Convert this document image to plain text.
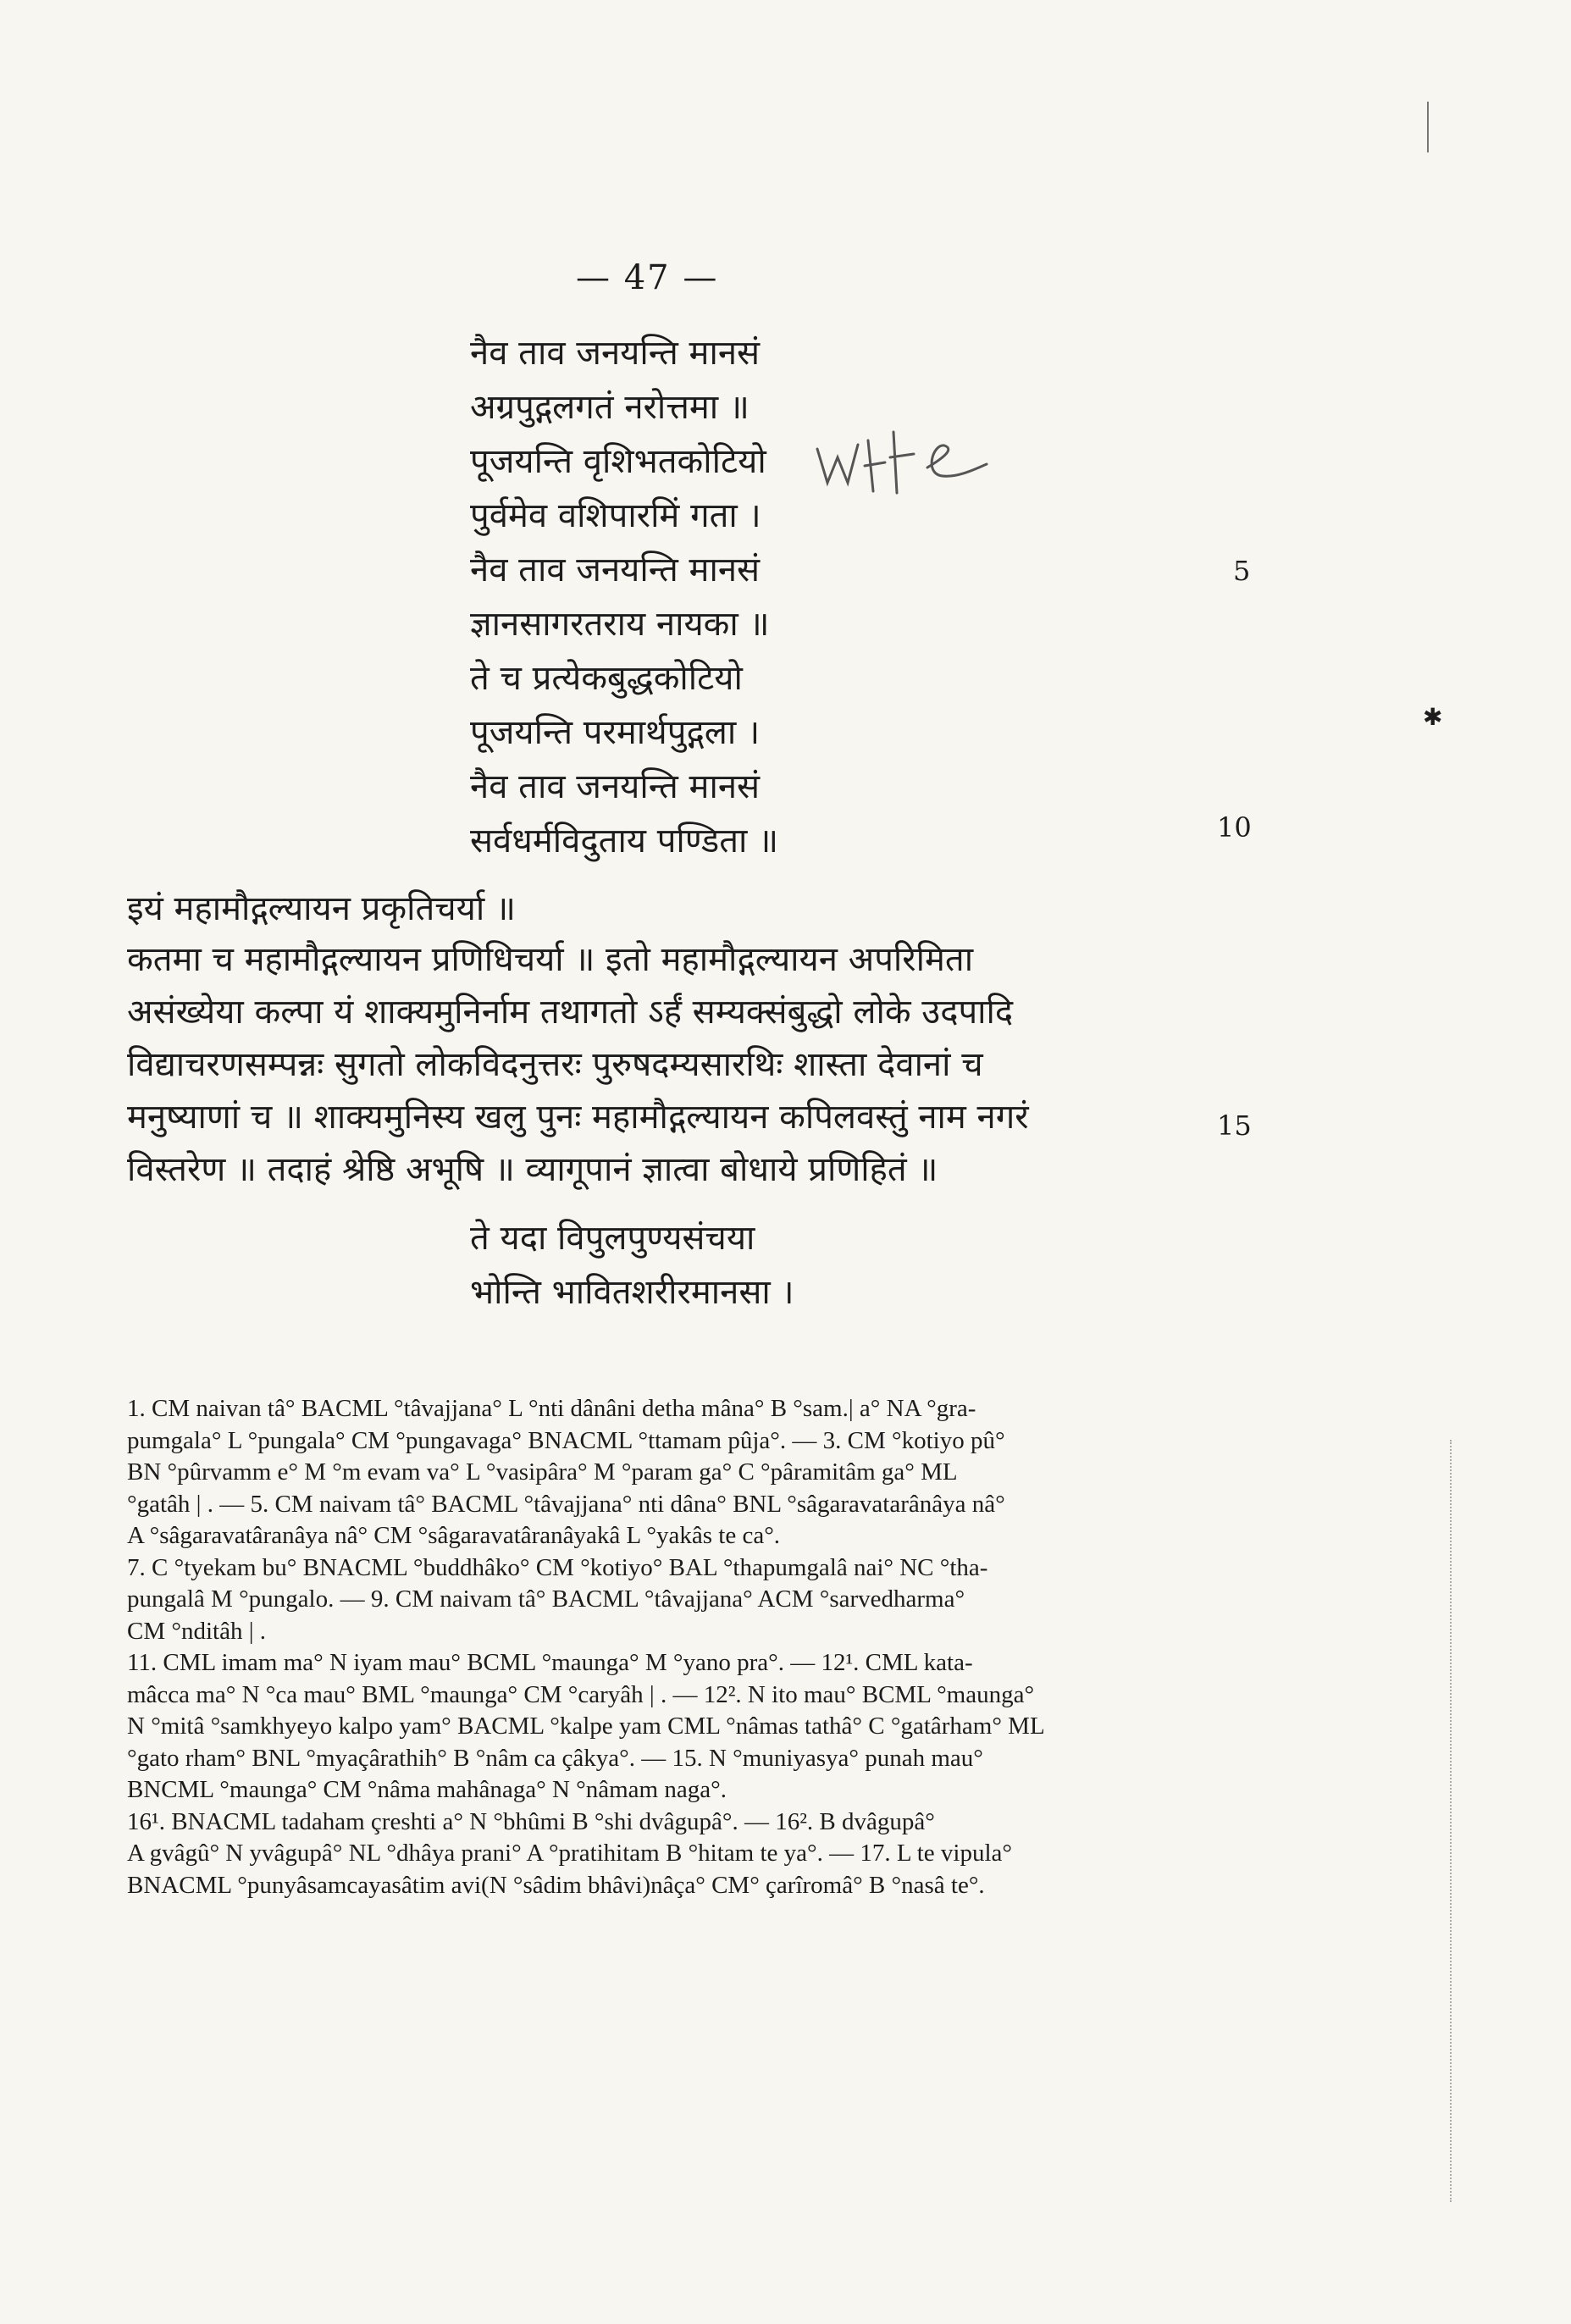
— 47 —
नैव ताव जनयन्ति मानसं
अग्रपुद्गलगतं नरोत्तमा ॥
पूजयन्ति वृशिभतकोटियो
पुर्वमेव वशिपारमिं गता ।
नैव ताव जनयन्ति मानसं
ज्ञानसागरतराय नायका ॥
ते च प्रत्येकबुद्धकोटियो
पूजयन्ति परमार्थपुद्गला ।
नैव ताव जनयन्ति मानसं
सर्वधर्मविदुताय पण्डिता ॥
5
10
इयं महामौद्गल्यायन प्रकृतिचर्या ॥
कतमा च महामौद्गल्यायन प्रणिधिचर्या ॥ इतो महामौद्गल्यायन अपरिमिता
असंख्येया कल्पा यं शाक्यमुनिर्नाम तथागतो ऽर्हं सम्यक्संबुद्धो लोके उदपादि
विद्याचरणसम्पन्नः सुगतो लोकविदनुत्तरः पुरुषदम्यसारथिः शास्ता देवानां च
मनुष्याणां च ॥ शाक्यमुनिस्य खलु पुनः महामौद्गल्यायन कपिलवस्तुं नाम नगरं
विस्तरेण ॥ तदाहं श्रेष्ठि अभूषि ॥ व्यागूपानं ज्ञात्वा बोधाये प्रणिहितं ॥
15
ते यदा विपुलपुण्यसंचया
भोन्ति भावितशरीरमानसा ।
1. CM naivan tâ° BACML °tâvajjana° L °nti dânâni detha mâna° B °sam.| a° NA °gra-
pumgala° L °pungala° CM °pungavaga° BNACML °ttamam pûja°. — 3. CM °kotiyo pû°
BN °pûrvamm e° M °m evam va° L °vasipâra° M °param ga° C °pâramitâm ga° ML
°gatâh | . — 5. CM naivam tâ° BACML °tâvajjana° nti dâna° BNL °sâgaravatarânâya nâ°
A °sâgaravatâranâya nâ° CM °sâgaravatâranâyakâ L °yakâs te ca°.
7. C °tyekam bu° BNACML °buddhâko° CM °kotiyo° BAL °thapumgalâ nai° NC °tha-
pungalâ M °pungalo. — 9. CM naivam tâ° BACML °tâvajjana° ACM °sarvedharma°
CM °nditâh | .
11. CML imam ma° N iyam mau° BCML °maunga° M °yano pra°. — 12¹. CML kata-
mâcca ma° N °ca mau° BML °maunga° CM °caryâh | . — 12². N ito mau° BCML °maunga°
N °mitâ °samkhyeyo kalpo yam° BACML °kalpe yam CML °nâmas tathâ° C °gatârham° ML
°gato rham° BNL °myaçârathih° B °nâm ca çâkya°. — 15. N °muniyasya° punah mau°
BNCML °maunga° CM °nâma mahânaga° N °nâmam naga°.
16¹. BNACML tadaham çreshti a° N °bhûmi B °shi dvâgupâ°. — 16². B dvâgupâ°
A gvâgû° N yvâgupâ° NL °dhâya prani° A °pratihitam B °hitam te ya°. — 17. L te vipula°
BNACML °punyâsamcayasâtim avi(N °sâdim bhâvi)nâça° CM° çarîromâ° B °nasâ te°.
✱
